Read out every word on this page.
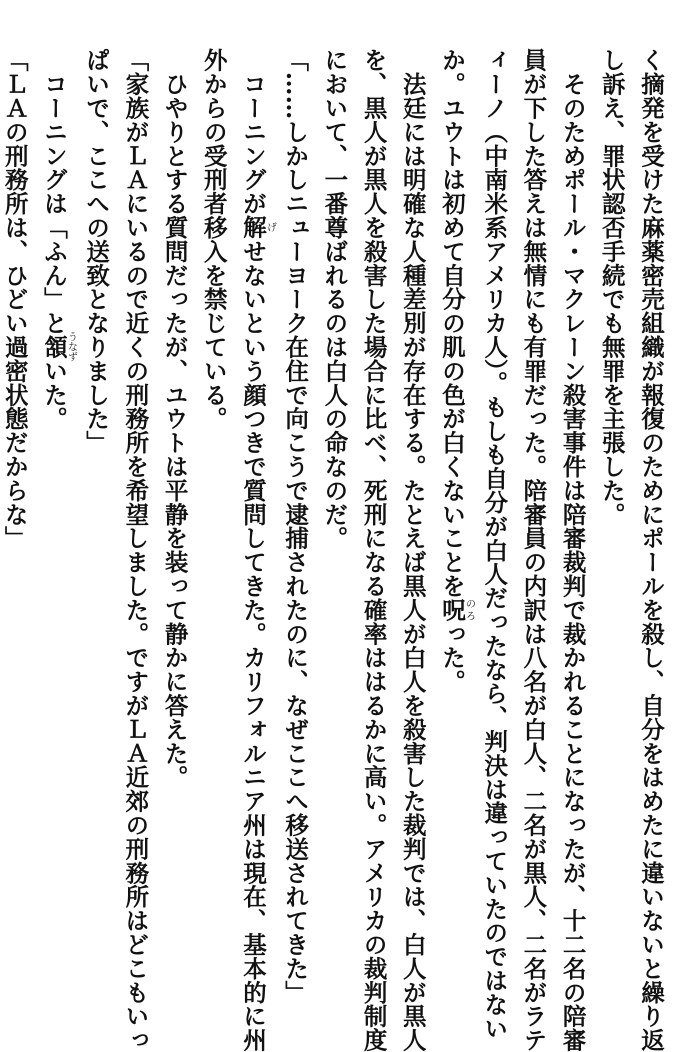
く摘発を受けた麻薬密売組織が報復のためにポールを殺し、自分をはめたに違いないと繰り返
し訴え、罪状認否手続でも無罪を主張した。
　そのためポール・マクレーン殺害事件は陪審裁判で裁かれることになったが、十二名の陪審
員が下した答えは無情にも有罪だった。陪審員の内訳は八名が白人、二名が黒人、二名がラテ
ィーノ（中南米系アメリカ人）。もしも自分が白人だったなら、判決は違っていたのではない
か。ユウトは初めて自分の肌の色が白くないことを呪のろった。
　法廷には明確な人種差別が存在する。たとえば黒人が白人を殺害した裁判では、白人が黒人
を、黒人が黒人を殺害した場合に比べ、死刑になる確率ははるかに高い。アメリカの裁判制度
において、一番尊ばれるのは白人の命なのだ。
「……しかしニューヨーク在住で向こうで逮捕されたのに、なぜここへ移送されてきた」
　コーニングが解げせないという顔つきで質問してきた。カリフォルニア州は現在、基本的に州
外からの受刑者移入を禁じている。
　ひやりとする質問だったが、ユウトは平静を装って静かに答えた。
「家族がＬＡにいるので近くの刑務所を希望しました。ですがＬＡ近郊の刑務所はどこもいっ
ぱいで、ここへの送致となりました」
　コーニングは「ふん」と頷うなずいた。
「ＬＡの刑務所は、ひどい過密状態だからな」
